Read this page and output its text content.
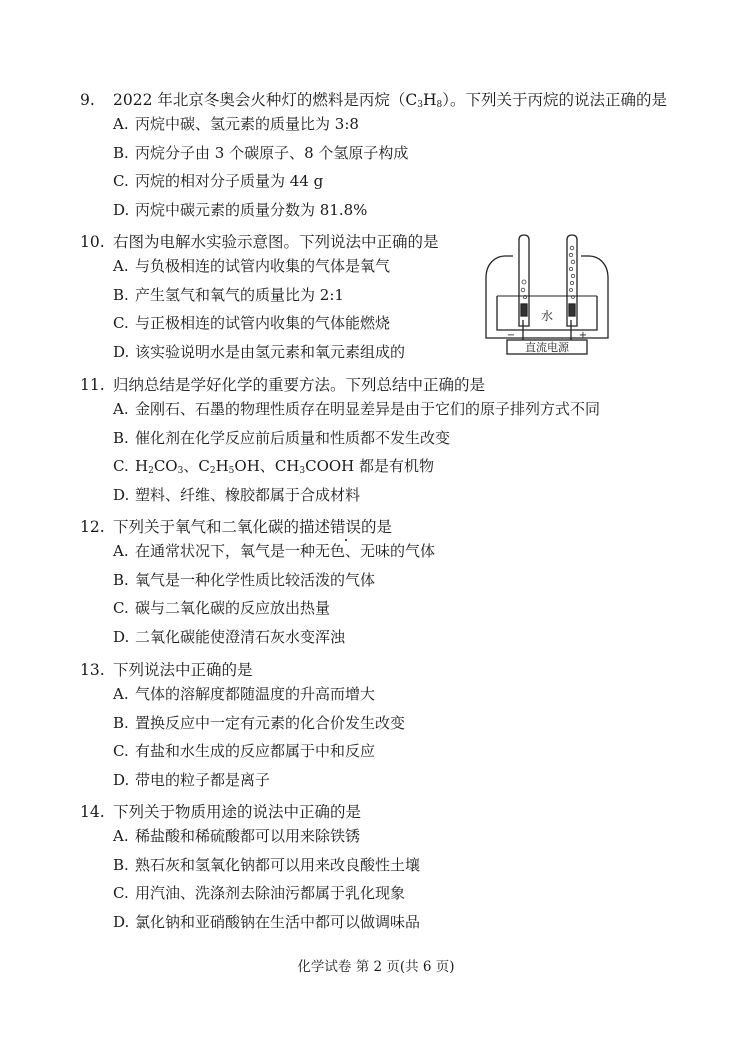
9.	2022 年北京冬奥会火种灯的燃料是丙烷$(C_3H_8)$。下列关于丙烷的说法正确的是
A. 丙烷中碳、氢元素的质量比为 3:8
B. 丙烷分子由 3 个碳原子、8 个氢原子构成
C. 丙烷的相对分子质量为 44 g
D. 丙烷中碳元素的质量分数为 81.8%
10. 右图为电解水实验示意图。下列说法中正确的是
A. 与负极相连的试管内收集的气体是氧气
B. 产生氢气和氧气的质量比为 2:1
C. 与正极相连的试管内收集的气体能燃烧
D. 该实验说明水是由氢元素和氧元素组成的
水
直流电源
−	+
11. 归纳总结是学好化学的重要方法。下列总结中正确的是
A. 金刚石、石墨的物理性质存在明显差异是由于它们的原子排列方式不同
B. 催化剂在化学反应前后质量和性质都不发生改变
C. $H_2CO_3$、$C_2H_5OH$、$CH_3COOH$ 都是有机物
D. 塑料、纤维、橡胶都属于合成材料
12. 下列关于氧气和二氧化碳的描述错误的是
A. 在通常状况下，氧气是一种无色、无味的气体
B. 氧气是一种化学性质比较活泼的气体
C. 碳与二氧化碳的反应放出热量
D. 二氧化碳能使澄清石灰水变浑浊
13. 下列说法中正确的是
A. 气体的溶解度都随温度的升高而增大
B. 置换反应中一定有元素的化合价发生改变
C. 有盐和水生成的反应都属于中和反应
D. 带电的粒子都是离子
14. 下列关于物质用途的说法中正确的是
A. 稀盐酸和稀硫酸都可以用来除铁锈
B. 熟石灰和氢氧化钠都可以用来改良酸性土壤
C. 用汽油、洗涤剂去除油污都属于乳化现象
D. 氯化钠和亚硝酸钠在生活中都可以做调味品
化学试卷 第 2 页(共 6 页)
